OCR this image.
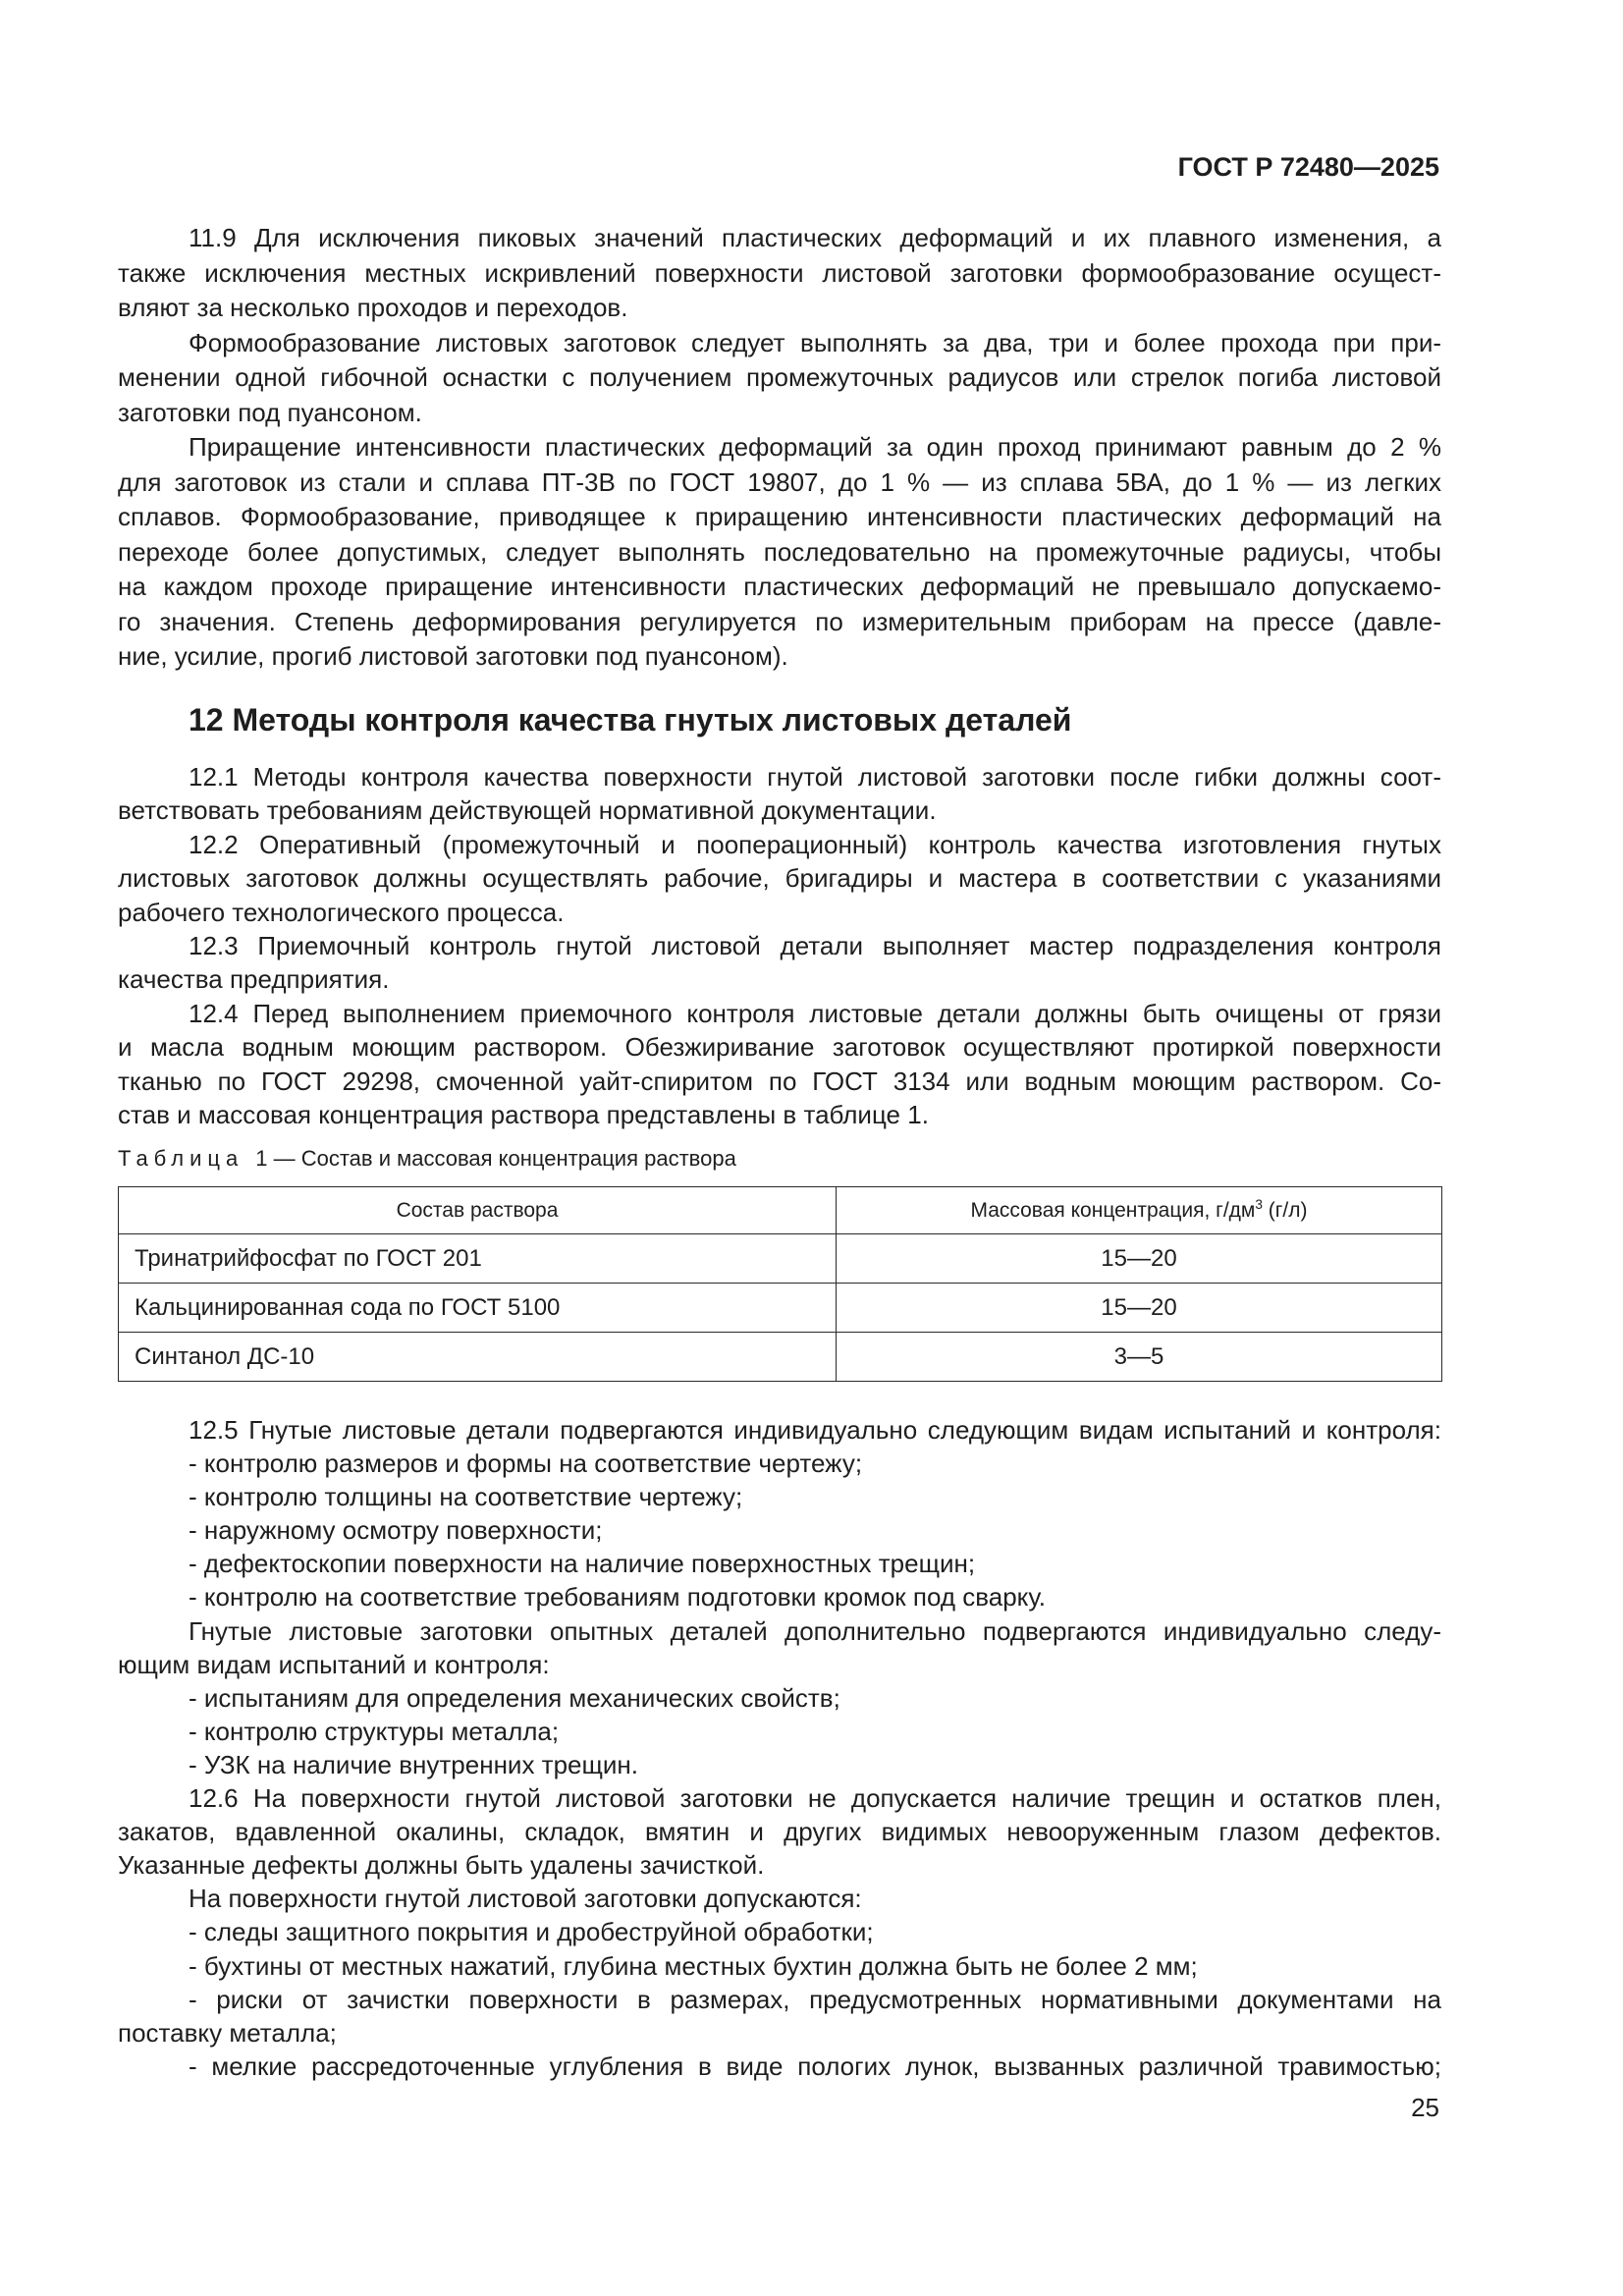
ГОСТ Р 72480—2025
11.9 Для исключения пиковых значений пластических деформаций и их плавного изменения, а
также исключения местных искривлений поверхности листовой заготовки формообразование осущест-
вляют за несколько проходов и переходов.
Формообразование листовых заготовок следует выполнять за два, три и более прохода при при-
менении одной гибочной оснастки с получением промежуточных радиусов или стрелок погиба листовой
заготовки под пуансоном.
Приращение интенсивности пластических деформаций за один проход принимают равным до 2 %
для заготовок из стали и сплава ПТ-3В по ГОСТ 19807, до 1 % — из сплава 5ВА, до 1 % — из легких
сплавов. Формообразование, приводящее к приращению интенсивности пластических деформаций на
переходе более допустимых, следует выполнять последовательно на промежуточные радиусы, чтобы
на каждом проходе приращение интенсивности пластических деформаций не превышало допускаемо-
го значения. Степень деформирования регулируется по измерительным приборам на прессе (давле-
ние, усилие, прогиб листовой заготовки под пуансоном).
12 Методы контроля качества гнутых листовых деталей
12.1 Методы контроля качества поверхности гнутой листовой заготовки после гибки должны соот-
ветствовать требованиям действующей нормативной документации.
12.2 Оперативный (промежуточный и пооперационный) контроль качества изготовления гнутых
листовых заготовок должны осуществлять рабочие, бригадиры и мастера в соответствии с указаниями
рабочего технологического процесса.
12.3 Приемочный контроль гнутой листовой детали выполняет мастер подразделения контроля
качества предприятия.
12.4 Перед выполнением приемочного контроля листовые детали должны быть очищены от грязи
и масла водным моющим раствором. Обезжиривание заготовок осуществляют протиркой поверхности
тканью по ГОСТ 29298, смоченной уайт-спиритом по ГОСТ 3134 или водным моющим раствором. Со-
став и массовая концентрация раствора представлены в таблице 1.
Таблица 1 — Состав и массовая концентрация раствора
Состав раствора	Массовая концентрация, $г/дм^3$ (г/л)
Тринатрийфосфат по ГОСТ 201	15—20
Кальцинированная сода по ГОСТ 5100	15—20
Синтанол ДС-10	3—5
12.5 Гнутые листовые детали подвергаются индивидуально следующим видам испытаний и контроля:
- контролю размеров и формы на соответствие чертежу;
- контролю толщины на соответствие чертежу;
- наружному осмотру поверхности;
- дефектоскопии поверхности на наличие поверхностных трещин;
- контролю на соответствие требованиям подготовки кромок под сварку.
Гнутые листовые заготовки опытных деталей дополнительно подвергаются индивидуально следу-
ющим видам испытаний и контроля:
- испытаниям для определения механических свойств;
- контролю структуры металла;
- УЗК на наличие внутренних трещин.
12.6 На поверхности гнутой листовой заготовки не допускается наличие трещин и остатков плен,
закатов, вдавленной окалины, складок, вмятин и других видимых невооруженным глазом дефектов.
Указанные дефекты должны быть удалены зачисткой.
На поверхности гнутой листовой заготовки допускаются:
- следы защитного покрытия и дробеструйной обработки;
- бухтины от местных нажатий, глубина местных бухтин должна быть не более 2 мм;
- риски от зачистки поверхности в размерах, предусмотренных нормативными документами на
поставку металла;
- мелкие рассредоточенные углубления в виде пологих лунок, вызванных различной травимостью;
25
